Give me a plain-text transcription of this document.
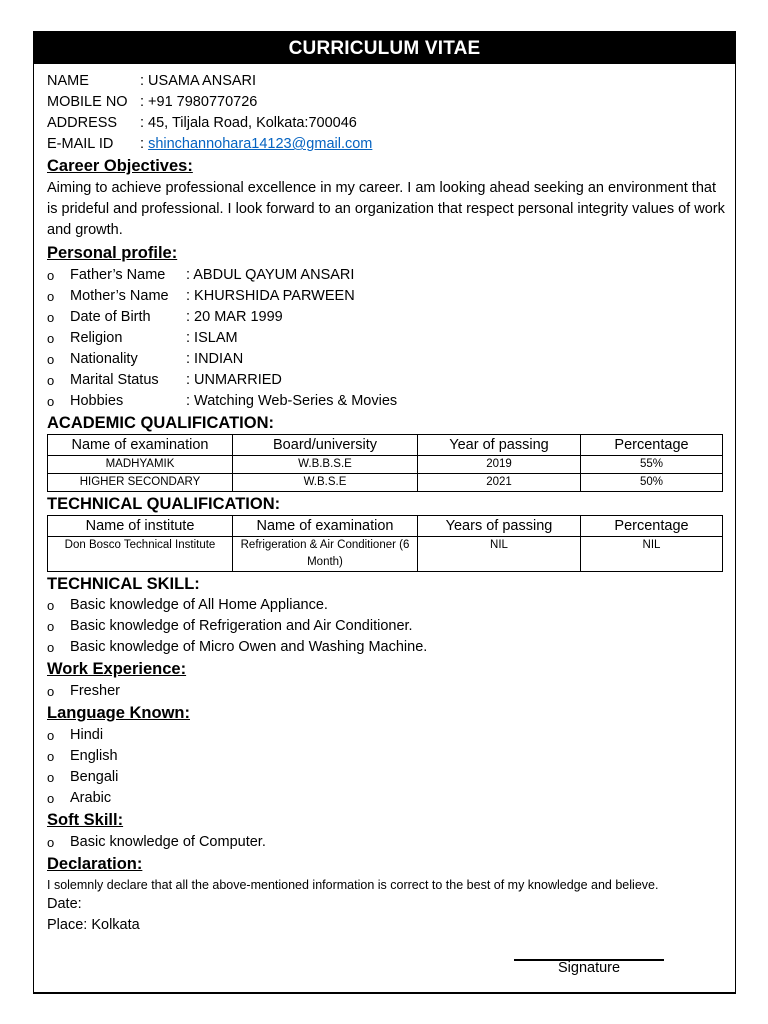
CURRICULUM VITAE
NAME	: USAMA ANSARI
MOBILE NO : +91 7980770726
ADDRESS : 45, Tiljala Road, Kolkata:700046
E-MAIL ID : shinchannohara14123@gmail.com
Career Objectives:
Aiming to achieve professional excellence in my career. I am looking ahead seeking an environment that is prideful and professional. I look forward to an organization that respect personal integrity values of work and growth.
Personal profile:
o Father’s Name : ABDUL QAYUM ANSARI
o Mother’s Name : KHURSHIDA PARWEEN
o Date of Birth : 20 MAR 1999
o Religion	: ISLAM
o Nationality	: INDIAN
o Marital Status : UNMARRIED
o Hobbies	: Watching Web-Series & Movies
ACADEMIC QUALIFICATION:
Name of examination	Board/university	Year of passing	Percentage
MADHYAMIK	W.B.B.S.E	2019	55%
HIGHER SECONDARY	W.B.S.E	2021	50%
TECHNICAL QUALIFICATION:
Name of institute	Name of examination	Years of passing	Percentage
Don Bosco Technical Institute	Refrigeration & Air Conditioner (6 Month)	NIL	NIL
TECHNICAL SKILL:
o Basic knowledge of All Home Appliance.
o Basic knowledge of Refrigeration and Air Conditioner.
o Basic knowledge of Micro Owen and Washing Machine.
Work Experience:
o Fresher
Language Known:
o Hindi
o English
o Bengali
o Arabic
Soft Skill:
o Basic knowledge of Computer.
Declaration:
I solemnly declare that all the above-mentioned information is correct to the best of my knowledge and believe.
Date:
Place: Kolkata
Signature
